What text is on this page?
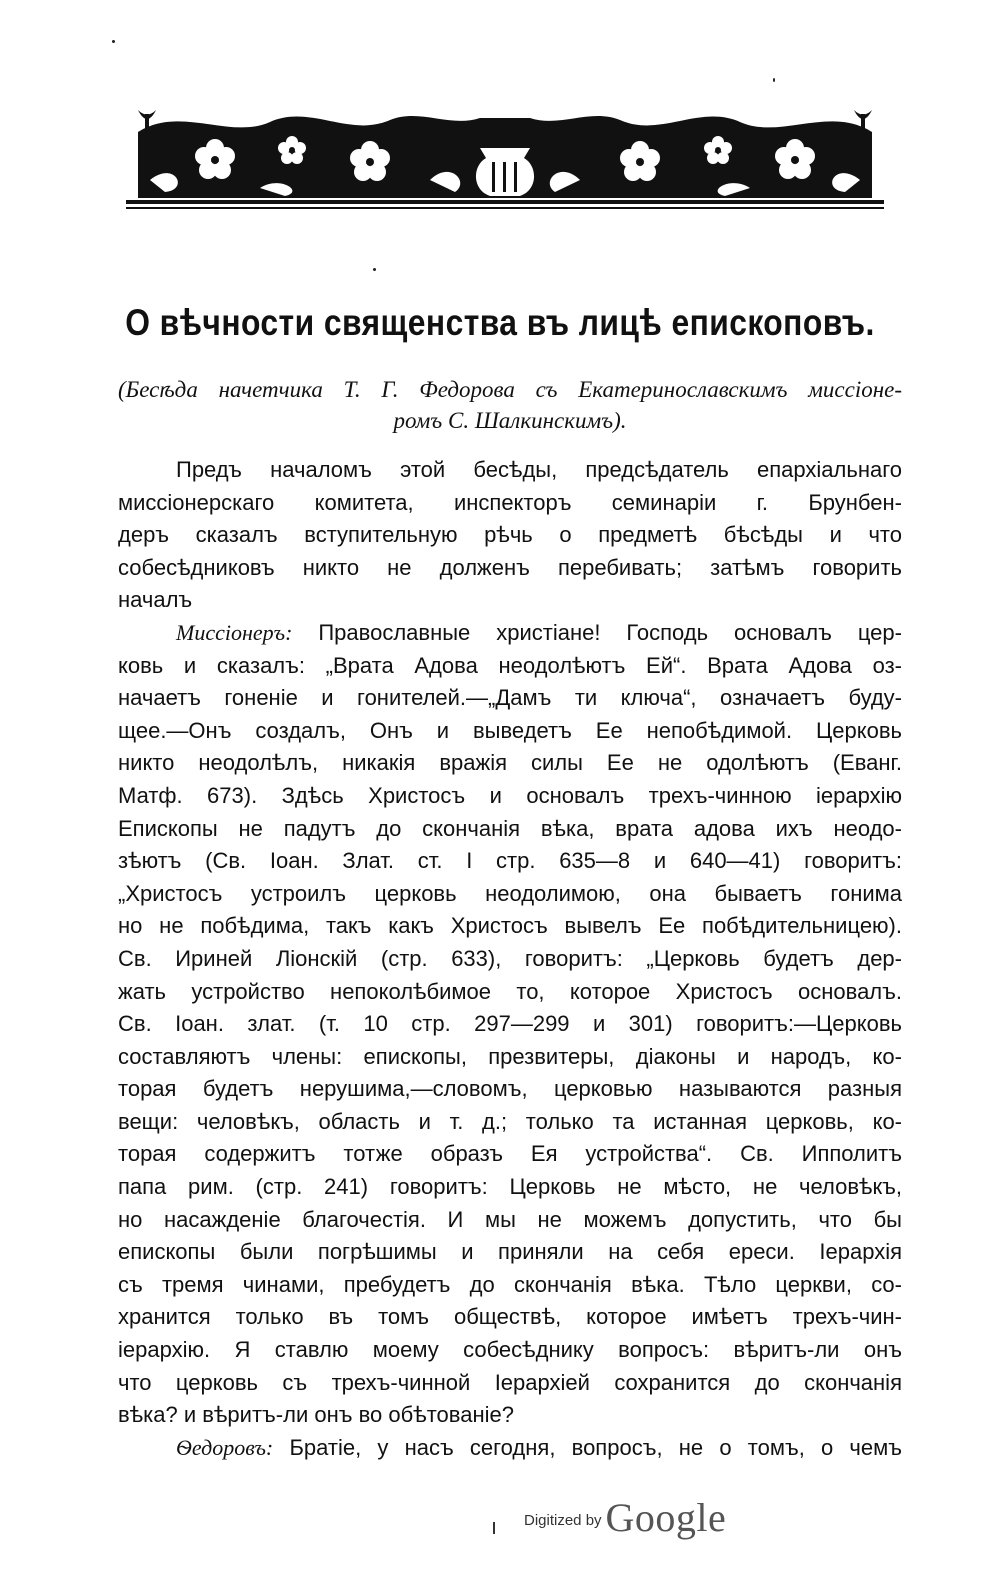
О вѣчности священства въ лицѣ епископовъ.
(Бесѣда начетчика Т. Г. Федорова съ Екатеринославскимъ миссіоне-
ромъ С. Шалкинскимъ).
Предъ началомъ этой бесѣды, предсѣдатель епархіальнаго
миссіонерскаго комитета, инспекторъ семинаріи г. Брунбен-
деръ сказалъ вступительную рѣчь о предметѣ бѣсѣды и что
собесѣдниковъ никто не долженъ перебивать; затѣмъ говорить
началъ
Миссіонеръ: Православные христіане! Господь основалъ цер-
ковь и сказалъ: „Врата Адова неодолѣютъ Ей“. Врата Адова оз-
начаетъ гоненіе и гонителей.—„Дамъ ти ключа“, означаетъ буду-
щее.—Онъ создалъ, Онъ и выведетъ Ее непобѣдимой. Церковь
никто неодолѣлъ, никакія вражія силы Ее не одолѣютъ (Еванг.
Матф. 673). Здѣсь Христосъ и основалъ трехъ-чинною іерархію
Епископы не падутъ до скончанія вѣка, врата адова ихъ неодо-
зѣютъ (Св. Іоан. Злат. ст. I стр. 635—8 и 640—41) говоритъ:
„Христосъ устроилъ церковь неодолимою, она бываетъ гонима
но не побѣдима, такъ какъ Христосъ вывелъ Ее побѣдительницею).
Св. Ириней Ліонскій (стр. 633), говоритъ: „Церковь будетъ дер-
жать устройство непоколѣбимое то, которое Христосъ основалъ.
Св. Іоан. злат. (т. 10 стр. 297—299 и 301) говоритъ:—Церковь
составляютъ члены: епископы, презвитеры, діаконы и народъ, ко-
торая будетъ нерушима,—словомъ, церковью называются разныя
вещи: человѣкъ, область и т. д.; только та истанная церковь, ко-
торая содержитъ тотже образъ Ея устройства“. Св. Ипполитъ
папа рим. (стр. 241) говоритъ: Церковь не мѣсто, не человѣкъ,
но насажденіе благочестія. И мы не можемъ допустить, что бы
епископы были погрѣшимы и приняли на себя ереси. Іерархія
съ тремя чинами, пребудетъ до скончанія вѣка. Тѣло церкви, со-
хранится только въ томъ обществѣ, которое имѣетъ трехъ-чин-
іерархію. Я ставлю моему собесѣднику вопросъ: вѣритъ-ли онъ
что церковь съ трехъ-чинной Іерархіей сохранится до скончанія
вѣка? и вѣритъ-ли онъ во обѣтованіе?
Ѳедоровъ: Братіе, у насъ сегодня, вопросъ, не о томъ, о чемъ
Digitized by Google
